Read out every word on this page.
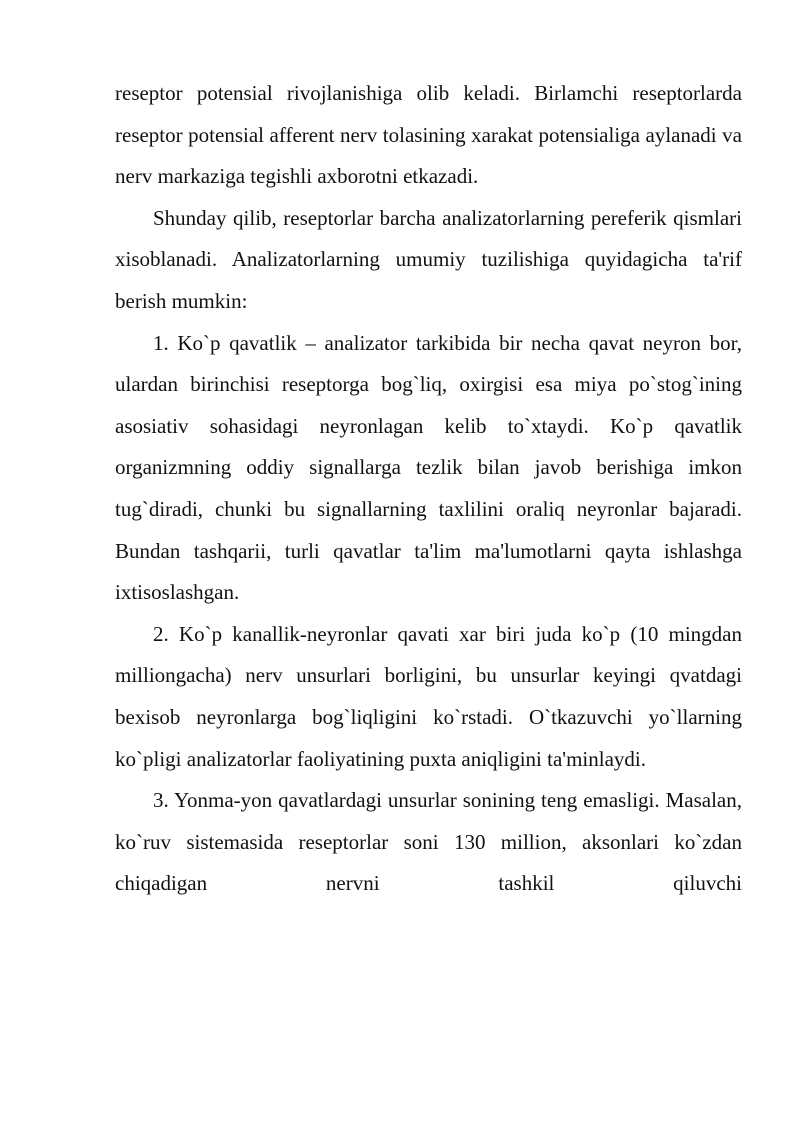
reseptor potensial rivojlanishiga olib keladi. Birlamchi reseptorlarda reseptor potensial afferent nerv tolasining xarakat potensialiga aylanadi va nerv markaziga tegishli axborotni etkazadi.

Shunday qilib, reseptorlar barcha analizatorlarning pereferik qismlari xisoblanadi. Analizatorlarning umumiy tuzilishiga quyidagicha ta'rif berish mumkin:

1. Ko`p qavatlik – analizator tarkibida bir necha qavat neyron bor, ulardan birinchisi reseptorga bog`liq, oxirgisi esa miya po`stog`ining asosiativ sohasidagi neyronlagan kelib to`xtaydi. Ko`p qavatlik organizmning oddiy signallarga tezlik bilan javob berishiga imkon tug`diradi, chunki bu signallarning taxlilini oraliq neyronlar bajaradi. Bundan tashqarii, turli qavatlar ta'lim ma'lumotlarni qayta ishlashga ixtisoslashgan.

2. Ko`p kanallik-neyronlar qavati xar biri juda ko`p (10 mingdan milliongacha) nerv unsurlari borligini, bu unsurlar keyingi qvatdagi bexisob neyronlarga bog`liqligini ko`rstadi. O`tkazuvchi yo`llarning ko`pligi analizatorlar faoliyatining puxta aniqligini ta'minlaydi.

3. Yonma-yon qavatlardagi unsurlar sonining teng emasligi. Masalan, ko`ruv sistemasida reseptorlar soni 130 million, aksonlari ko`zdan chiqadigan nervni tashkil qiluvchi
